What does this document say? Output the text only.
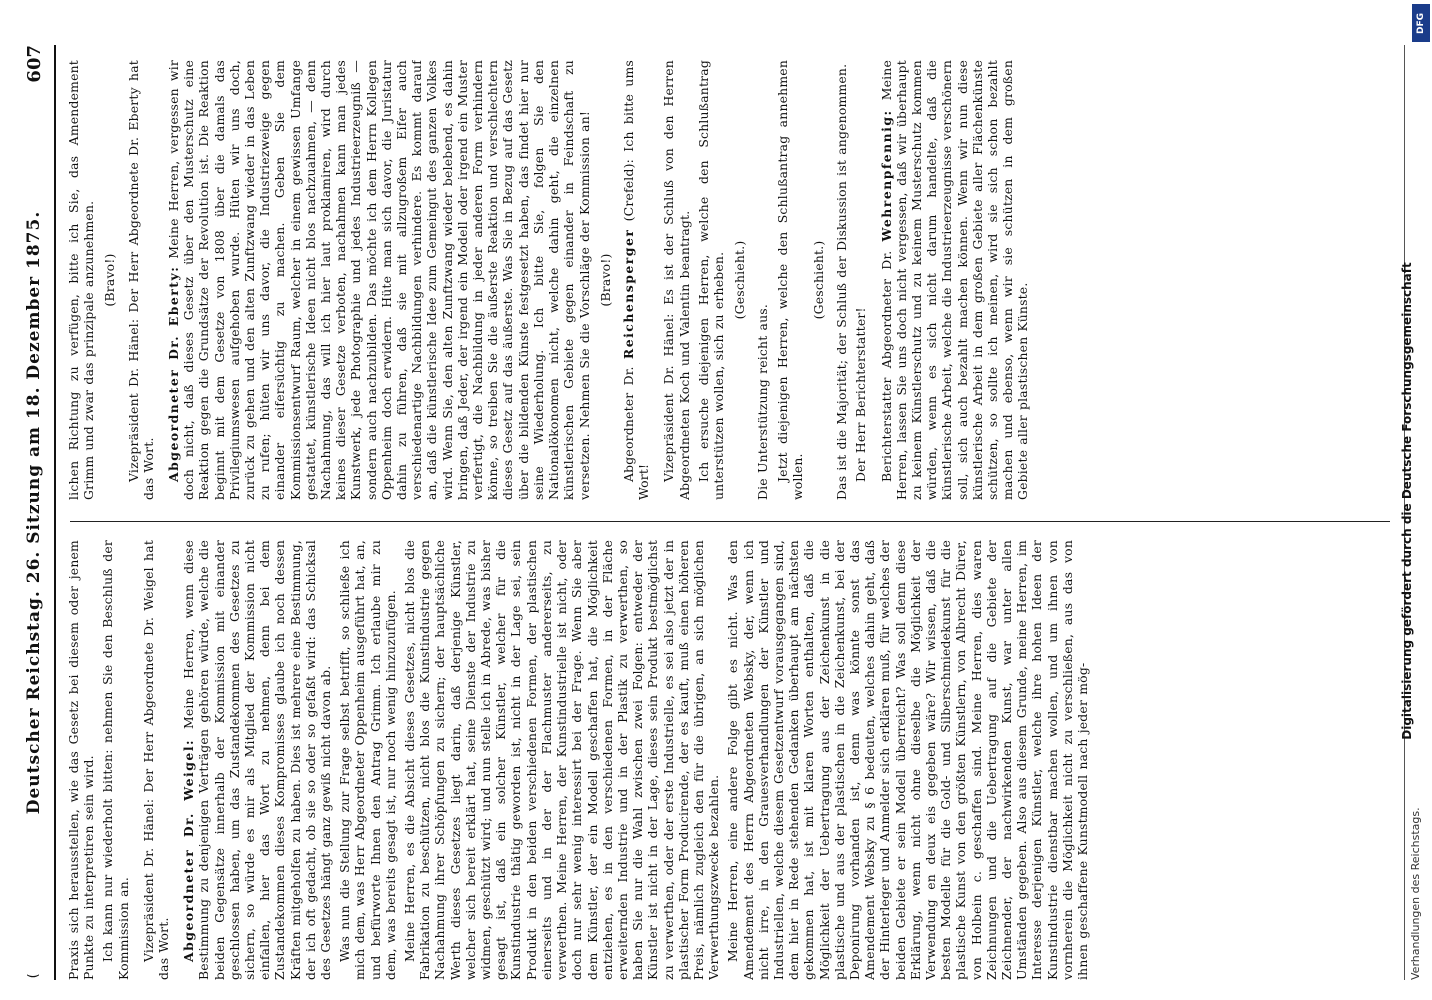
(
Deutscher Reichstag. 26. Sitzung am 18. Dezember 1875.
607

Praxis sich herausstellen, wie das Gesetz bei diesem oder jenem Punkte zu interpretiren sein wird. Ich kann nur wiederholt bitten: nehmen Sie den Beschluß der Kommission an. Vizepräsident Dr. Hänel: Der Herr Abgeordnete Dr. Weigel hat das Wort. Abgeordneter Dr. Weigel: Meine Herren, wenn diese Bestimmung zu denjenigen Verträgen gehören würde, welche die beiden Gegensätze innerhalb der Kommission mit einander geschlossen haben, um das Zustandekommen des Gesetzes zu sichern, so würde es mir als Mitglied der Kommission nicht einfallen, hier das Wort zu nehmen, denn bei dem Zustandekommen dieses Kompromisses glaube ich noch dessen Kräften mitgeholfen zu haben. Dies ist mehrere eine Bestimmung, der ich oft gedacht, ob sie so oder so gefaßt wird: das Schicksal des Gesetzes hängt ganz gewiß nicht davon ab. Was nun die Stellung zur Frage selbst betrifft, so schließe ich mich dem, was Herr Abgeordneter Oppenheim ausgeführt hat, an, und befürworte Ihnen den Antrag Grimm. Ich erlaube mir zu dem, was bereits gesagt ist, nur noch wenig hinzuzufügen. Meine Herren, es die Absicht dieses Gesetzes, nicht blos die Fabrikation zu beschützen, nicht blos die Kunstindustrie gegen Nachahmung ihrer Schöpfungen zu sichern; der hauptsächliche Werth dieses Gesetzes liegt darin, daß derjenige Künstler, welcher sich bereit erklärt hat, seine Dienste der Industrie zu widmen, geschützt wird; und nun stelle ich in Abrede, was bisher gesagt ist, daß ein solcher Künstler, welcher für die Kunstindustrie thätig geworden ist, nicht in der Lage sei, sein Produkt in den beiden verschiedenen Formen, der plastischen einerseits und in der der Flachmuster andererseits, zu verwerthen. Meine Herren, der Kunstindustrielle ist nicht, oder doch nur sehr wenig interessirt bei der Frage. Wenn Sie aber dem Künstler, der ein Modell geschaffen hat, die Möglichkeit entziehen, es in den verschiedenen Formen, in der Fläche erweiternden Industrie und in der Plastik zu verwerthen, so haben Sie nur die Wahl zwischen zwei Folgen: entweder der Künstler ist nicht in der Lage, dieses sein Produkt bestmöglichst zu verwerthen, oder der erste Industrielle, es sei also jetzt der in plastischer Form Producirende, der es kauft, muß einen höheren Preis, nämlich zugleich den für die übrigen, an sich möglichen Verwerthungszwecke bezahlen. Meine Herren, eine andere Folge gibt es nicht. Was den Amendement des Herrn Abgeordneten Websky, der, wenn ich nicht irre, in den Grauesverhandlungen der Künstler und Industriellen, welche diesem Gesetzentwurf vorausgegangen sind, dem hier in Rede stehenden Gedanken überhaupt am nächsten gekommen hat, ist mit klaren Worten enthalten, daß die Möglichkeit der Uebertragung aus der Zeichenkunst in die plastische und aus der plastischen in die Zeichenkunst, bei der Deponirung vorhanden ist, denn was könnte sonst das Amendement Websky zu § 6 bedeuten, welches dahin geht, daß der Hinterleger und Anmelder sich erklären muß, für welches der beiden Gebiete er sein Modell überreicht? Was soll denn diese Erklärung, wenn nicht ohne dieselbe die Möglichkeit der Verwendung en deux eis gegeben wäre? Wir wissen, daß die besten Modelle für die Gold- und Silberschmiedekunst für die plastische Kunst von den größten Künstlern, von Albrecht Dürer, von Holbein c. geschaffen sind. Meine Herren, dies waren Zeichnungen und die Uebertragung auf die Gebiete der Zeichnender, der nachwirkenden Kunst, war unter allen Umständen gegeben. Also aus diesem Grunde, meine Herren, im Interesse derjenigen Künstler, welche ihre hohen Ideen der Kunstindustrie dienstbar machen wollen, und um ihnen von vornherein die Möglichkeit nicht zu verschließen, aus das von ihnen geschaffene Kunstmodell nach jeder mög-

lichen Richtung zu verfügen, bitte ich Sie, das Amendement Grimm und zwar das prinzipale anzunehmen. (Bravo!) Vizepräsident Dr. Hänel: Der Herr Abgeordnete Dr. Eberty hat das Wort. Abgeordneter Dr. Eberty: Meine Herren, vergessen wir doch nicht, daß dieses Gesetz über den Musterschutz eine Reaktion gegen die Grundsätze der Revolution ist. Die Reaktion beginnt mit dem Gesetze von 1808 über die damals das Privilegiumswesen aufgehoben wurde. Hüten wir uns doch, zurück zu gehen und den alten Zunftzwang wieder in das Leben zu rufen; hüten wir uns davor, die Industriezweige gegen einander eifersüchtig zu machen. Geben Sie dem Kommissionsentwurf Raum, welcher in einem gewissen Umfange gestattet, künstlerische Ideen nicht blos nachzuahmen, — denn Nachahmung, das will ich hier laut proklamiren, wird durch keines dieser Gesetze verboten, nachahmen kann man jedes Kunstwerk, jede Photographie und jedes Industrieerzeugniß — sondern auch nachzubilden. Das möchte ich dem Herrn Kollegen Oppenheim doch erwidern. Hüte man sich davor, die Juristatur dahin zu führen, daß sie mit allzugroßem Eifer auch verschiedenartige Nachbildungen verhindere. Es kommt darauf an, daß die künstlerische Idee zum Gemeingut des ganzen Volkes wird. Wenn Sie, den alten Zunftzwang wieder belebend, es dahin bringen, daß Jeder, der irgend ein Modell oder irgend ein Muster verfertigt, die Nachbildung in jeder anderen Form verhindern könne, so treiben Sie die äußerste Reaktion und verschlechtern dieses Gesetz auf das äußerste. Was Sie in Bezug auf das Gesetz über die bildenden Künste festgesetzt haben, das findet hier nur seine Wiederholung. Ich bitte Sie, folgen Sie den Nationalökonomen nicht, welche dahin geht, die einzelnen künstlerischen Gebiete gegen einander in Feindschaft zu versetzen. Nehmen Sie die Vorschläge der Kommission an! (Bravo!)

Abgeordneter Dr. Reichensperger (Crefeld): Ich bitte ums Wort! Vizepräsident Dr. Hänel: Es ist der Schluß von den Herren Abgeordneten Koch und Valentin beantragt. Ich ersuche diejenigen Herren, welche den Schlußantrag unterstützen wollen, sich zu erheben. (Geschieht.)

Die Unterstützung reicht aus. Jetzt diejenigen Herren, welche den Schlußantrag annehmen wollen.

(Geschieht.) Das ist die Majorität; der Schluß der Diskussion ist angenommen. Der Herr Berichterstatter! Berichterstatter Abgeordneter Dr. Wehrenpfennig: Meine Herren, lassen Sie uns doch nicht vergessen, daß wir überhaupt zu keinem Künstlerschutz und zu keinem Musterschutz kommen würden, wenn es sich nicht darum handelte, daß die künstlerische Arbeit, welche die Industrieerzeugnisse verschönern soll, sich auch bezahlt machen können. Wenn wir nun diese künstlerische Arbeit in dem großen Gebiete aller Flächenkünste schützen, so sollte ich meinen, wird sie sich schon bezahlt machen und ebenso, wenn wir sie schützen in dem großen Gebiete aller plastischen Künste.

Verhandlungen des Reichstags.
Digitalisierung gefördert durch die Deutsche Forschungsgemeinschaft
DFG
